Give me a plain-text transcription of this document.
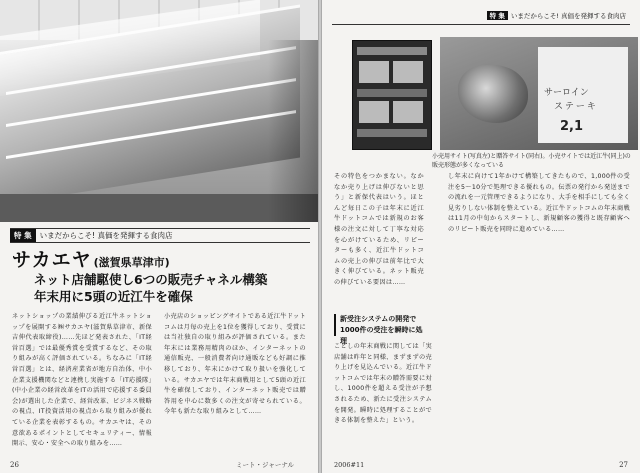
特 集 いまだからこそ! 真価を発揮する食肉店
サカエヤ (滋賀県草津市)
ネット店舗駆使し6つの販売チャネル構築
年末用に5頭の近江牛を確保
ネットショップの業績伸びる近江牛ネットショップを展開する㈱サカエヤ(滋賀県草津市、新保吉伸代表取締役)……先ほど発表された、「IT経営百選」では最優秀賞を受賞するなど、その取り組みが高く評価されている。ちなみに「IT経営百選」とは、経済産業省が地方自治体、中小企業支援機関などと連携し実施する「IT応援隊」(中小企業の経営改革をITの活用で応援する委員会)が選出した企業で、経営改革、ビジネス戦略の視点、IT投資活用の視点から取り組みが優れている企業を表彰するもの。サカエヤは、その意欲あるポイントとしてセキュリティー、情報開示、安心・安全への取り組みを……
小売店のショッピングサイトである近江牛ドットコムは月毎の売上を1位を獲得しており、受賞には当社独自の取り組みが評価されている。また年末には業務用精肉のほか、インターネットの通信販売、一般消費者向け通販なども好調に推移しており、年末にかけて取り扱いを強化している。サカエヤでは年末商戦用として5頭の近江牛を確保しており、インターネット販売では贈答用を中心に数多くの注文が寄せられている。今年も新たな取り組みとして……
26	ミート・ジャーナル
特 集 いまだからこそ! 真価を発揮する食肉店
サーロイン
ステーキ
2,1
小売用サイト(写真左)と贈答サイト(同右)。小売サイトでは近江牛(同上)の販売形態が多くなっている
その特色をつかまない。なかなか売り上げは伸びないと思う」と新保代表はいう。ほとんど毎日この子は年末に近江牛ドットコムでは新規のお客様の注文に対して丁寧な対応を心がけているため、リピーターも多く、近江牛ドットコムの売上の伸びは前年比で大きく伸びている。ネット販売の伸びている要因は……
新受注システムの開発で
1000件の受注を瞬時に処理
ことしの年末商戦に関しては「実店舗は昨年と同様、まずまずの売り上げを見込んでいる。近江牛ドットコムでは年末の贈答需要に対し、1000件を超える受注が予想されるため、新たに受注システムを開発。瞬時に処理することができる体制を整えた」という。
し年末に向けて1年かけて構築してきたもので、1,000件の受注を5〜10分で処理できる優れもの。伝票の発行から発送までの流れを一元管理できるようになり、大手を相手にしても全く見劣りしない体制を整えている。近江牛ドットコムの年末商戦は11月の中旬からスタートし、新規顧客の獲得と既存顧客へのリピート販売を同時に進めている……
2006#11	27
